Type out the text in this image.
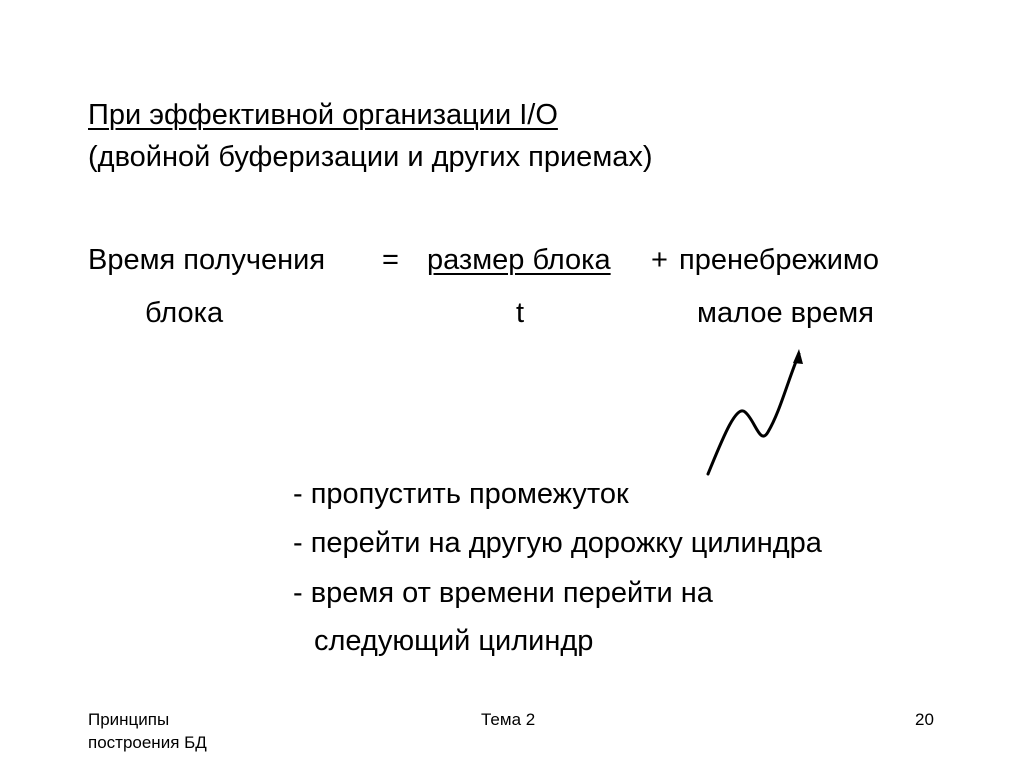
При эффективной организации I/O
(двойной буферизации и других приемах)
Время получения = размер блока + пренебрежимо
блока	t	малое время
- пропустить промежуток
- перейти на другую дорожку цилиндра
- время от времени перейти на
следующий цилиндр
Принципы
построения БД
Тема 2	20
